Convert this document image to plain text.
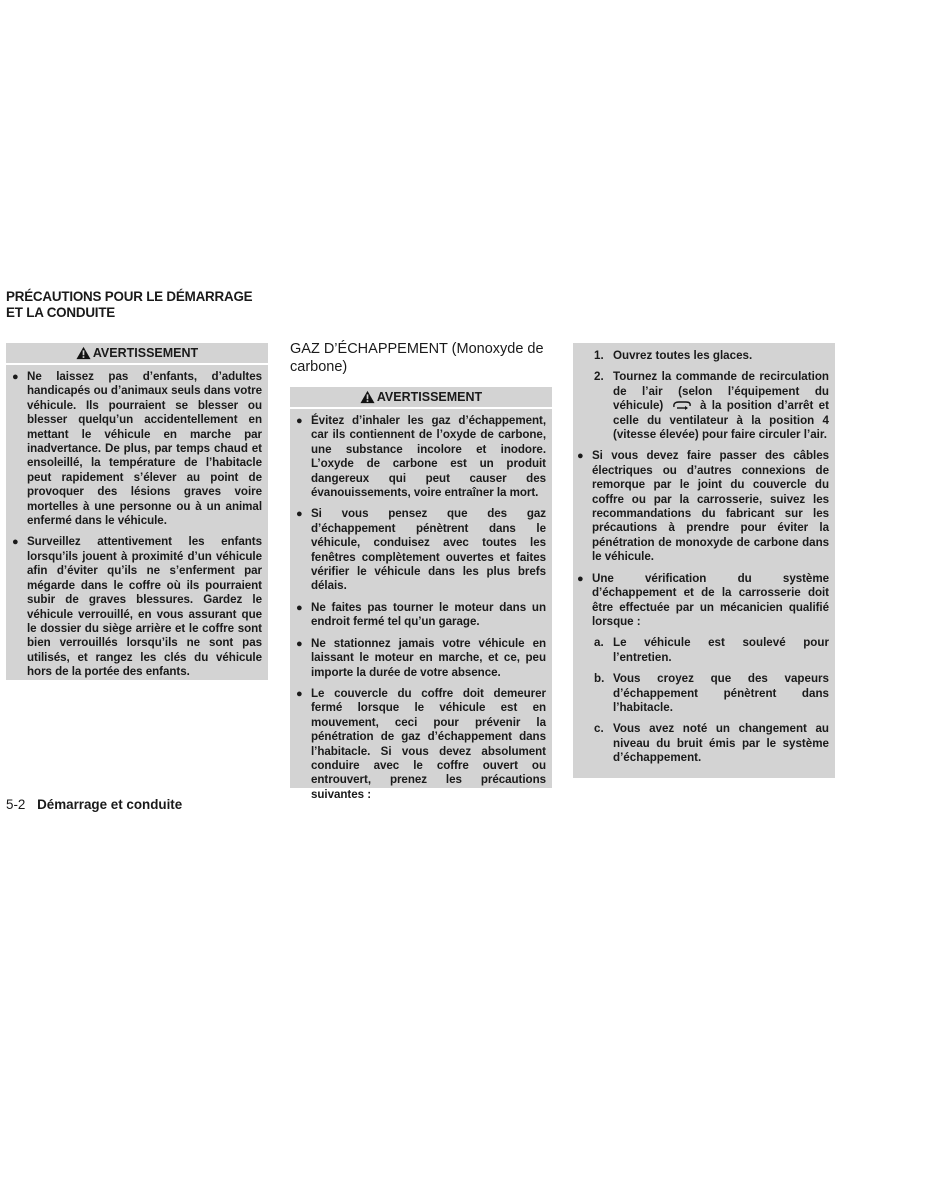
PRÉCAUTIONS POUR LE DÉMARRAGE ET LA CONDUITE
AVERTISSEMENT

● Ne laissez pas d’enfants, d’adultes handicapés ou d’animaux seuls dans votre véhicule. Ils pourraient se blesser ou blesser quelqu’un accidentellement en mettant le véhicule en marche par inadvertance. De plus, par temps chaud et ensoleillé, la température de l’habitacle peut rapidement s’élever au point de provoquer des lésions graves voire mortelles à une personne ou à un animal enfermé dans le véhicule.

● Surveillez attentivement les enfants lorsqu’ils jouent à proximité d’un véhicule afin d’éviter qu’ils ne s’enferment par mégarde dans le coffre où ils pourraient subir de graves blessures. Gardez le véhicule verrouillé, en vous assurant que le dossier du siège arrière et le coffre sont bien verrouillés lorsqu’ils ne sont pas utilisés, et rangez les clés du véhicule hors de la portée des enfants.

GAZ D’ÉCHAPPEMENT (Monoxyde de carbone)
AVERTISSEMENT

● Évitez d’inhaler les gaz d’échappement, car ils contiennent de l’oxyde de carbone, une substance incolore et inodore. L’oxyde de carbone est un produit dangereux qui peut causer des évanouissements, voire entraîner la mort.

● Si vous pensez que des gaz d’échappement pénètrent dans le véhicule, conduisez avec toutes les fenêtres complètement ouvertes et faites vérifier le véhicule dans les plus brefs délais.

● Ne faites pas tourner le moteur dans un endroit fermé tel qu’un garage.

● Ne stationnez jamais votre véhicule en laissant le moteur en marche, et ce, peu importe la durée de votre absence.

● Le couvercle du coffre doit demeurer fermé lorsque le véhicule est en mouvement, ceci pour prévenir la pénétration de gaz d’échappement dans l’habitacle. Si vous devez absolument conduire avec le coffre ouvert ou entrouvert, prenez les précautions suivantes :

1. Ouvrez toutes les glaces.

2. Tournez la commande de recirculation de l’air (selon l’équipement du véhicule)	à la position d’arrêt et celle du ventilateur à la position 4 (vitesse élevée) pour faire circuler l’air.

● Si vous devez faire passer des câbles électriques ou d’autres connexions de remorque par le joint du couvercle du coffre ou par la carrosserie, suivez les recommandations du fabricant sur les précautions à prendre pour éviter la pénétration de monoxyde de carbone dans le véhicule.

● Une vérification du système d’échappement et de la carrosserie doit être effectuée par un mécanicien qualifié lorsque :

a. Le véhicule est soulevé pour l’entretien.

b. Vous croyez que des vapeurs d’échappement pénètrent dans l’habitacle.

c. Vous avez noté un changement au niveau du bruit émis par le système d’échappement.

5-2 Démarrage et conduite
